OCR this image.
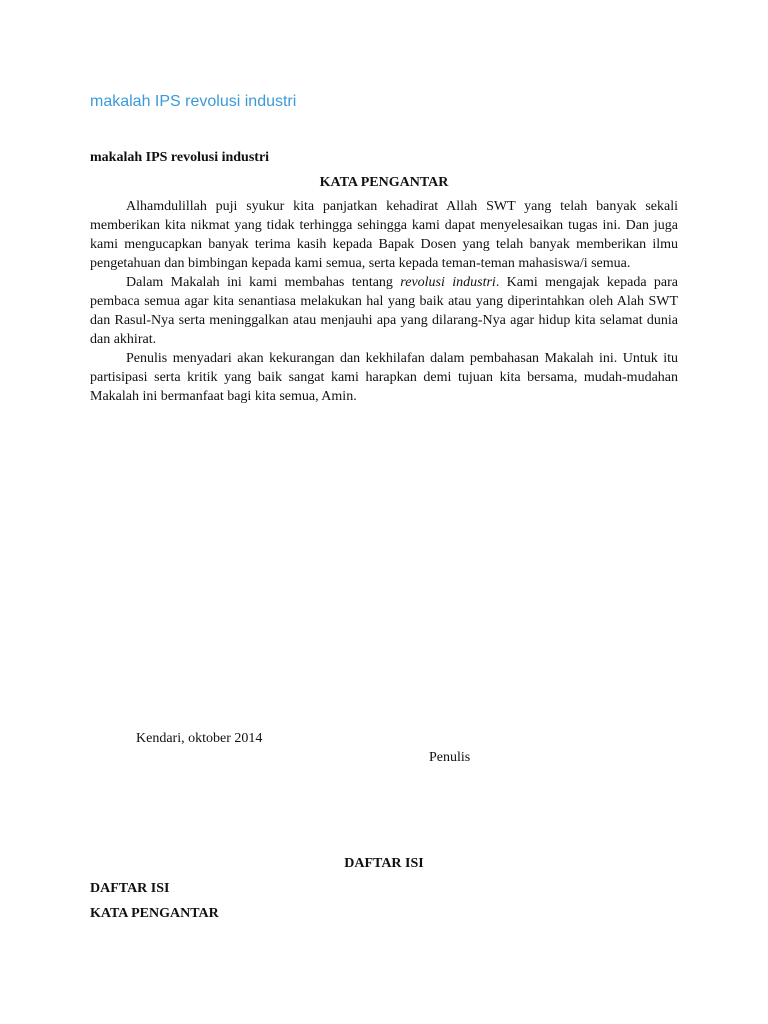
makalah IPS revolusi industri
makalah IPS revolusi industri
KATA PENGANTAR

Alhamdulillah puji syukur kita panjatkan kehadirat Allah SWT yang telah banyak sekali memberikan kita nikmat yang tidak terhingga sehingga kami dapat menyelesaikan tugas ini. Dan juga kami mengucapkan banyak terima kasih kepada Bapak Dosen yang telah banyak memberikan ilmu pengetahuan dan bimbingan kepada kami semua, serta kepada teman-teman mahasiswa/i semua.

Dalam Makalah ini kami membahas tentang revolusi industri. Kami mengajak kepada para pembaca semua agar kita senantiasa melakukan hal yang baik atau yang diperintahkan oleh Alah SWT dan Rasul-Nya serta meninggalkan atau menjauhi apa yang dilarang-Nya agar hidup kita selamat dunia dan akhirat.

Penulis menyadari akan kekurangan dan kekhilafan dalam pembahasan Makalah ini. Untuk itu partisipasi serta kritik yang baik sangat kami harapkan demi tujuan kita bersama, mudah-mudahan Makalah ini bermanfaat bagi kita semua, Amin.

Kendari, oktober 2014
Penulis
DAFTAR ISI
DAFTAR ISI
KATA PENGANTAR
